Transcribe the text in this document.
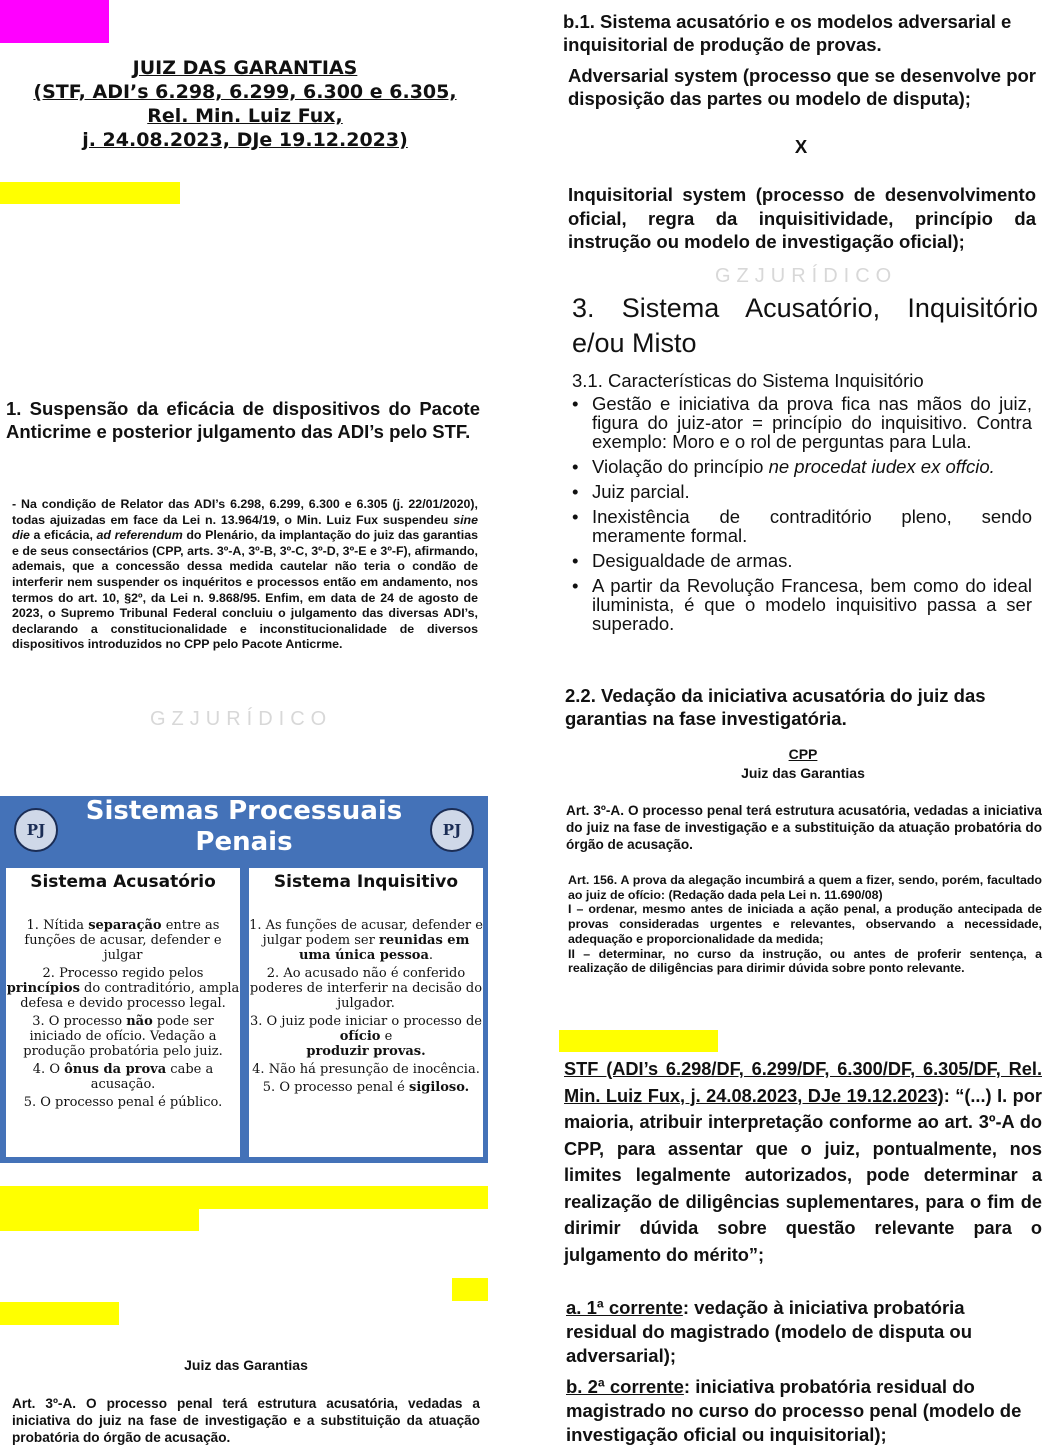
JUIZ DAS GARANTIAS
(STF, ADI’s 6.298, 6.299, 6.300 e 6.305,
Rel. Min. Luiz Fux,
j. 24.08.2023, DJe 19.12.2023)
1. Suspensão da eficácia de dispositivos do Pacote Anticrime e posterior julgamento das ADI’s pelo STF.
- Na condição de Relator das ADI’s 6.298, 6.299, 6.300 e 6.305 (j. 22/01/2020), todas ajuizadas em face da Lei n. 13.964/19, o Min. Luiz Fux suspendeu sine die a eficácia, ad referendum do Plenário, da implantação do juiz das garantias e de seus consectários (CPP, arts. 3º-A, 3º-B, 3º-C, 3º-D, 3º-E e 3º-F), afirmando, ademais, que a concessão dessa medida cautelar não teria o condão de interferir nem suspender os inquéritos e processos então em andamento, nos termos do art. 10, §2º, da Lei n. 9.868/95. Enfim, em data de 24 de agosto de 2023, o Supremo Tribunal Federal concluiu o julgamento das diversas ADI’s, declarando a constitucionalidade e inconstitucionalidade de diversos dispositivos introduzidos no CPP pelo Pacote Anticrme.
GZJURÍDICO
Sistemas Processuais
Penais
PJ	PJ
Sistema Acusatório
1. Nítida separação entre as funções de acusar, defender e julgar
2. Processo regido pelos princípios do contraditório, ampla defesa e devido processo legal.
3. O processo não pode ser iniciado de ofício. Vedação a produção probatória pelo juiz.
4. O ônus da prova cabe a acusação.
5. O processo penal é público.
Sistema Inquisitivo
1. As funções de acusar, defender e julgar podem ser reunidas em uma única pessoa.
2. Ao acusado não é conferido poderes de interferir na decisão do julgador.
3. O juiz pode iniciar o processo de ofício e
produzir provas.
4. Não há presunção de inocência.
5. O processo penal é sigiloso.
Juiz das Garantias
Art. 3º-A. O processo penal terá estrutura acusatória, vedadas a iniciativa do juiz na fase de investigação e a substituição da atuação probatória do órgão de acusação.
b.1. Sistema acusatório e os modelos adversarial e inquisitorial de produção de provas.
Adversarial system (processo que se desenvolve por disposição das partes ou modelo de disputa);
X
Inquisitorial system (processo de desenvolvimento oficial, regra da inquisitividade, princípio da instrução ou modelo de investigação oficial);
GZJURÍDICO
3. Sistema Acusatório, Inquisitório e/ou Misto
3.1. Características do Sistema Inquisitório
• Gestão e iniciativa da prova fica nas mãos do juiz, figura do juiz-ator = princípio do inquisitivo. Contra exemplo: Moro e o rol de perguntas para Lula.
• Violação do princípio ne procedat iudex ex offcio.
• Juiz parcial.
• Inexistência de contraditório pleno, sendo meramente formal.
• Desigualdade de armas.
• A partir da Revolução Francesa, bem como do ideal iluminista, é que o modelo inquisitivo passa a ser superado.
2.2. Vedação da iniciativa acusatória do juiz das garantias na fase investigatória.
CPP
Juiz das Garantias
Art. 3º-A. O processo penal terá estrutura acusatória, vedadas a iniciativa do juiz na fase de investigação e a substituição da atuação probatória do órgão de acusação.
Art. 156. A prova da alegação incumbirá a quem a fizer, sendo, porém, facultado ao juiz de ofício: (Redação dada pela Lei n. 11.690/08)
I – ordenar, mesmo antes de iniciada a ação penal, a produção antecipada de provas consideradas urgentes e relevantes, observando a necessidade, adequação e proporcionalidade da medida;
II – determinar, no curso da instrução, ou antes de proferir sentença, a realização de diligências para dirimir dúvida sobre ponto relevante.
STF (ADI’s 6.298/DF, 6.299/DF, 6.300/DF, 6.305/DF, Rel. Min. Luiz Fux, j. 24.08.2023, DJe 19.12.2023): “(...) I. por maioria, atribuir interpretação conforme ao art. 3º-A do CPP, para assentar que o juiz, pontualmente, nos limites legalmente autorizados, pode determinar a realização de diligências suplementares, para o fim de dirimir dúvida sobre questão relevante para o julgamento do mérito”;
a. 1ª corrente: vedação à iniciativa probatória residual do magistrado (modelo de disputa ou adversarial);
b. 2ª corrente: iniciativa probatória residual do magistrado no curso do processo penal (modelo de investigação oficial ou inquisitorial);
